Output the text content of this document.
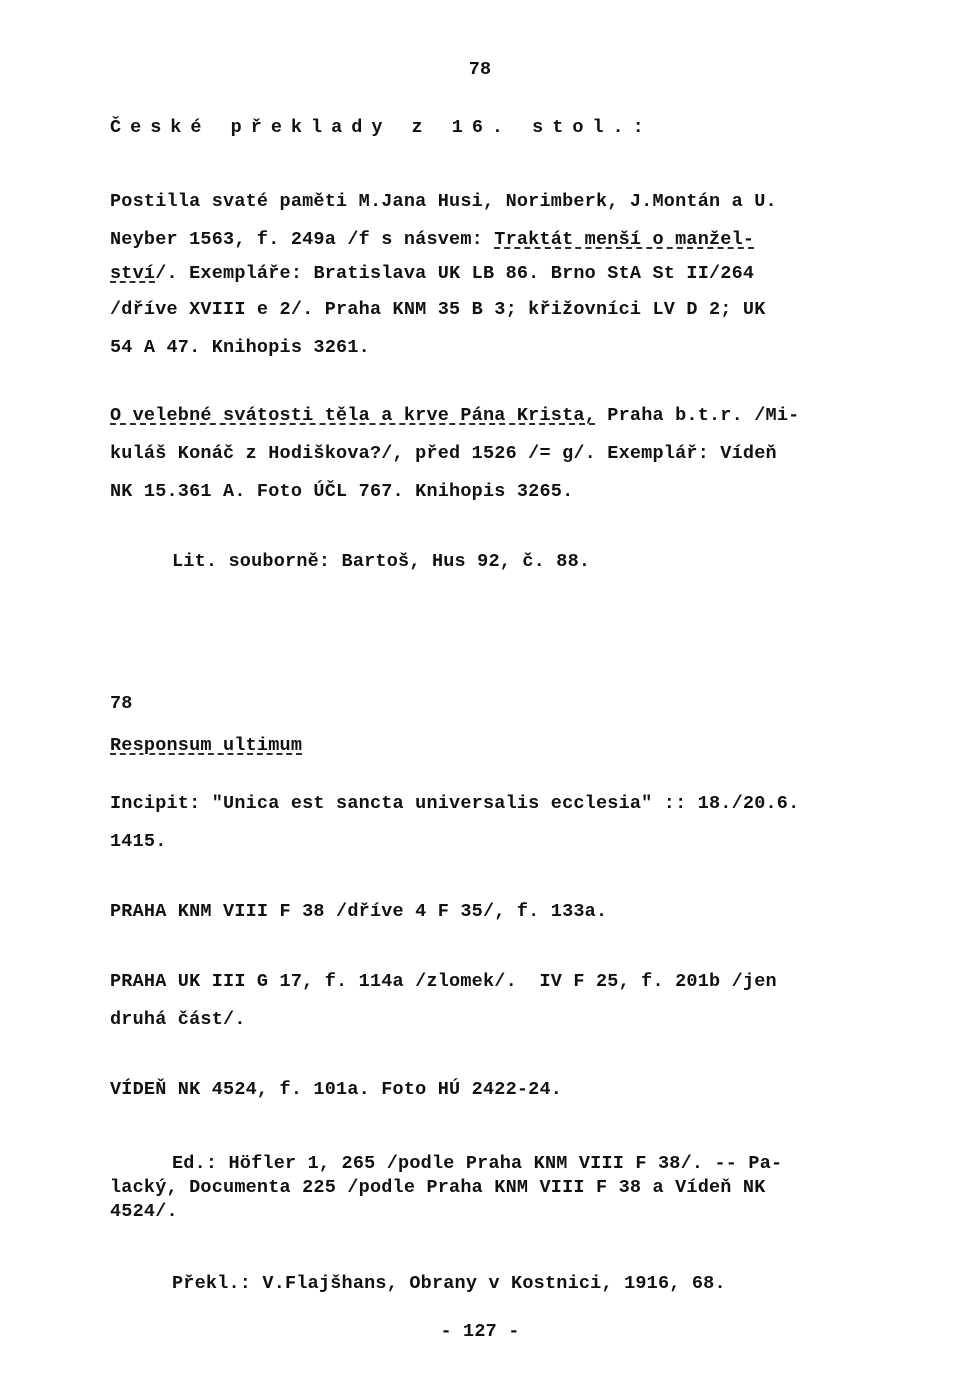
78
České překlady z 16. stol.:
Postilla svaté paměti M.Jana Husi, Norimberk, J.Montán a U.
Neyber 1563, f. 249a /f s násvem: Traktát menší o manžel-
ství/. Exempláře: Bratislava UK LB 86. Brno StA St II/264
/dříve XVIII e 2/. Praha KNM 35 B 3; křižovníci LV D 2; UK
54 A 47. Knihopis 3261.
O velebné svátosti těla a krve Pána Krista, Praha b.t.r. /Mi-
kuláš Konáč z Hodiškova?/, před 1526 /= g/. Exemplář: Vídeň
NK 15.361 A. Foto ÚČL 767. Knihopis 3265.
Lit. souborně: Bartoš, Hus 92, č. 88.
78
Responsum ultimum
Incipit: "Unica est sancta universalis ecclesia" :: 18./20.6.
1415.
PRAHA KNM VIII F 38 /dříve 4 F 35/, f. 133a.
PRAHA UK III G 17, f. 114a /zlomek/.  IV F 25, f. 201b /jen
druhá část/.
VÍDEŇ NK 4524, f. 101a. Foto HÚ 2422-24.
Ed.: Höfler 1, 265 /podle Praha KNM VIII F 38/. -- Pa-
lacký, Documenta 225 /podle Praha KNM VIII F 38 a Vídeň NK
4524/.
Překl.: V.Flajšhans, Obrany v Kostnici, 1916, 68.
- 127 -
